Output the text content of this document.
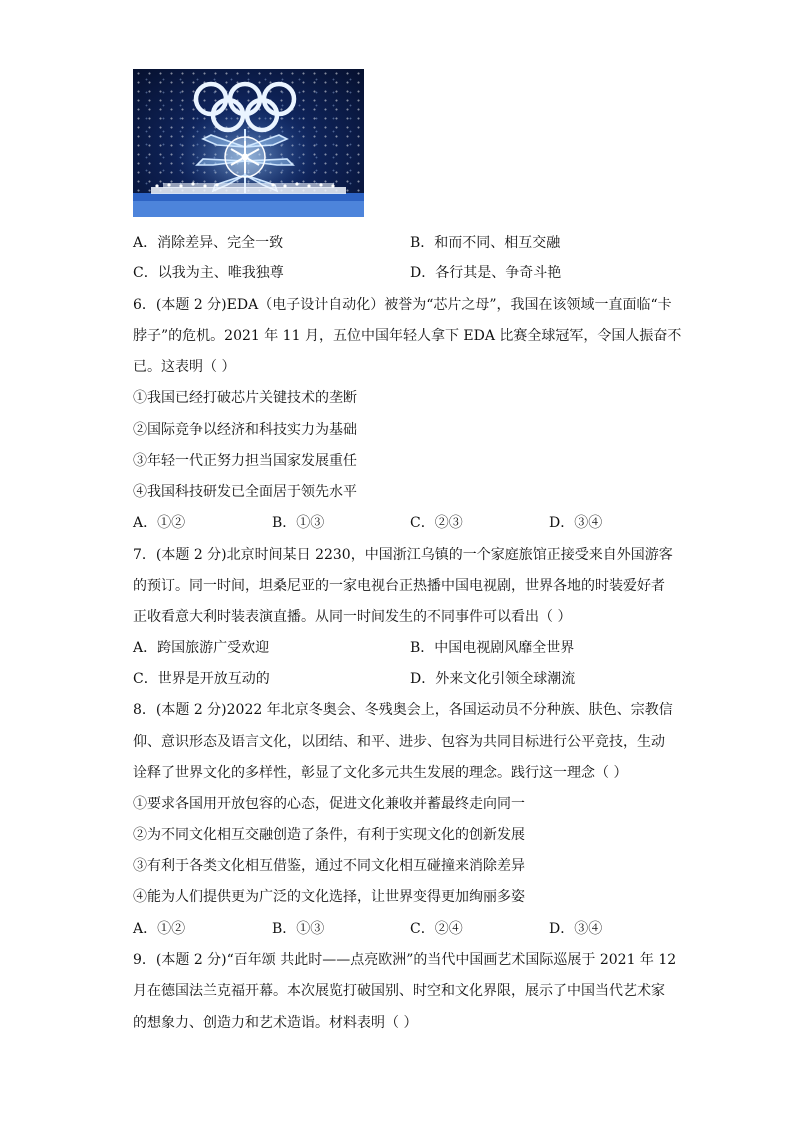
A．消除差异、完全一致	B．和而不同、相互交融
C．以我为主、唯我独尊	D．各行其是、争奇斗艳
6．(本题 2 分)EDA（电子设计自动化）被誉为“芯片之母”，我国在该领域一直面临“卡
脖子”的危机。2021 年 11 月，五位中国年轻人拿下 EDA 比赛全球冠军，令国人振奋不
已。这表明（ ）
①我国已经打破芯片关键技术的垄断
②国际竞争以经济和科技实力为基础
③年轻一代正努力担当国家发展重任
④我国科技研发已全面居于领先水平
A．①②	B．①③	C．②③	D．③④
7．(本题 2 分)北京时间某日 2230，中国浙江乌镇的一个家庭旅馆正接受来自外国游客
的预订。同一时间，坦桑尼亚的一家电视台正热播中国电视剧，世界各地的时装爱好者
正收看意大利时装表演直播。从同一时间发生的不同事件可以看出（ ）
A．跨国旅游广受欢迎	B．中国电视剧风靡全世界
C．世界是开放互动的	D．外来文化引领全球潮流
8．(本题 2 分)2022 年北京冬奥会、冬残奥会上，各国运动员不分种族、肤色、宗教信
仰、意识形态及语言文化，以团结、和平、进步、包容为共同目标进行公平竞技，生动
诠释了世界文化的多样性，彰显了文化多元共生发展的理念。践行这一理念（ ）
①要求各国用开放包容的心态，促进文化兼收并蓄最终走向同一
②为不同文化相互交融创造了条件，有利于实现文化的创新发展
③有利于各类文化相互借鉴，通过不同文化相互碰撞来消除差异
④能为人们提供更为广泛的文化选择，让世界变得更加绚丽多姿
A．①②	B．①③	C．②④	D．③④
9．(本题 2 分)“百年颂 共此时——点亮欧洲”的当代中国画艺术国际巡展于 2021 年 12
月在德国法兰克福开幕。本次展览打破国别、时空和文化界限，展示了中国当代艺术家
的想象力、创造力和艺术造诣。材料表明（ ）
